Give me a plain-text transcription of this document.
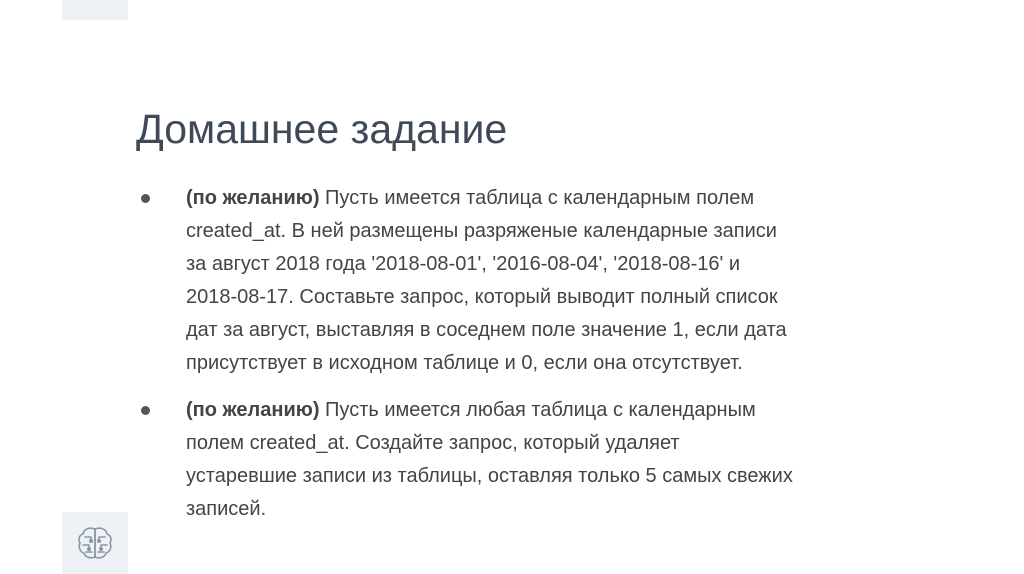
Домашнее задание
(по желанию) Пусть имеется таблица с календарным полем
created_at. В ней размещены разряженые календарные записи
за август 2018 года '2018-08-01', '2016-08-04', '2018-08-16' и
2018-08-17. Составьте запрос, который выводит полный список
дат за август, выставляя в соседнем поле значение 1, если дата
присутствует в исходном таблице и 0, если она отсутствует.
(по желанию) Пусть имеется любая таблица с календарным
полем created_at. Создайте запрос, который удаляет
устаревшие записи из таблицы, оставляя только 5 самых свежих
записей.
